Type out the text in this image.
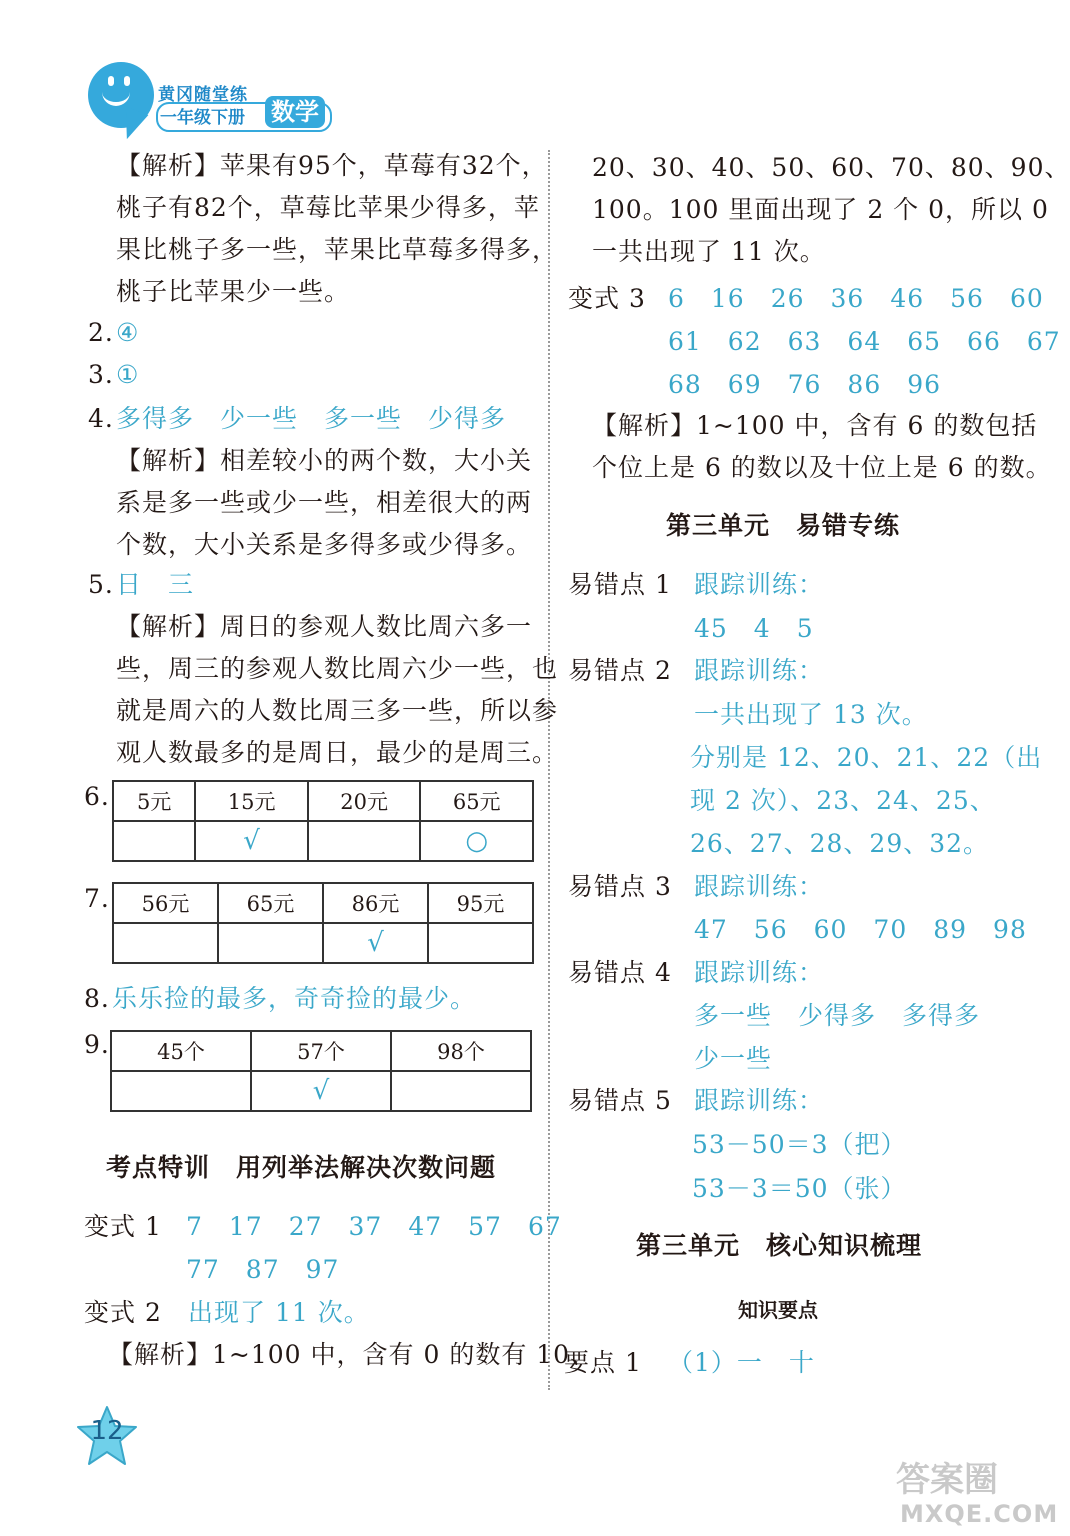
黄冈随堂练
一年级下册 数学
【解析】苹果有95个，草莓有32个，
桃子有82个，草莓比苹果少得多，苹
果比桃子多一些，苹果比草莓多得多，
桃子比苹果少一些。
2. ④
3. ①
4. 多得多　少一些　多一些　少得多
【解析】相差较小的两个数，大小关
系是多一些或少一些，相差很大的两
个数，大小关系是多得多或少得多。
5. 日　三
【解析】周日的参观人数比周六多一
些，周三的参观人数比周六少一些，也
就是周六的人数比周三多一些，所以参
观人数最多的是周日，最少的是周三。
6. 5元	15元	20元	65元
	√		○
7. 56元	65元	86元	95元
		√	
8. 乐乐捡的最多，奇奇捡的最少。
9. 45个	57个	98个
	√	
考点特训　用列举法解决次数问题
变式 1 7　17　27　37　47　57　67
77　87　97
变式 2 出现了 11 次。
【解析】1~100 中，含有 0 的数有 10、
20、30、40、50、60、70、80、90、
100。100 里面出现了 2 个 0，所以 0
一共出现了 11 次。
变式 3 6　16　26　36　46　56　60
61　62　63　64　65　66　67
68　69　76　86　96
【解析】1~100 中，含有 6 的数包括
个位上是 6 的数以及十位上是 6 的数。
第三单元　易错专练
易错点 1 跟踪训练：
45　4　5
易错点 2 跟踪训练：
一共出现了 13 次。
分别是 12、20、21、22（出
现 2 次）、23、24、25、
26、27、28、29、32。
易错点 3 跟踪训练：
47　56　60　70　89　98
易错点 4 跟踪训练：
多一些　少得多　多得多
少一些
易错点 5 跟踪训练：
53－50＝3（把）
53－3＝50（张）
第三单元　核心知识梳理
知识要点
要点 1 （1）一　十
12
答案圈
MXQE.COM
